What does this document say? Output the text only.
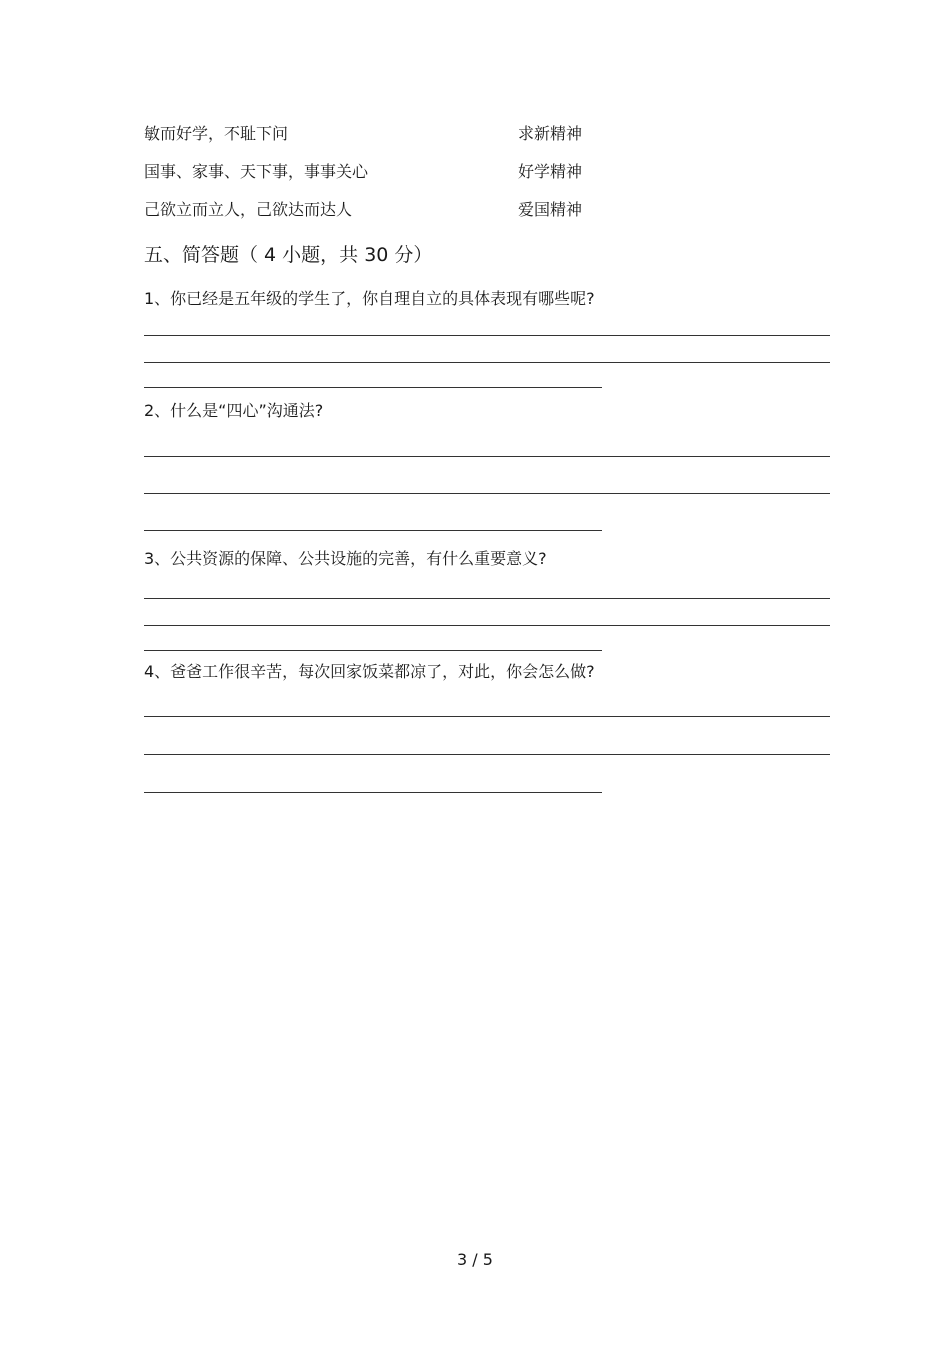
敏而好学，不耻下问	求新精神
国事、家事、天下事，事事关心	好学精神
己欲立而立人，己欲达而达人	爱国精神
五、简答题（ 4 小题，共 30 分）
1、你已经是五年级的学生了，你自理自立的具体表现有哪些呢?
2、什么是“四心”沟通法?
3、公共资源的保障、公共设施的完善，有什么重要意义?
4、爸爸工作很辛苦，每次回家饭菜都凉了，对此，你会怎么做?
3 / 5
